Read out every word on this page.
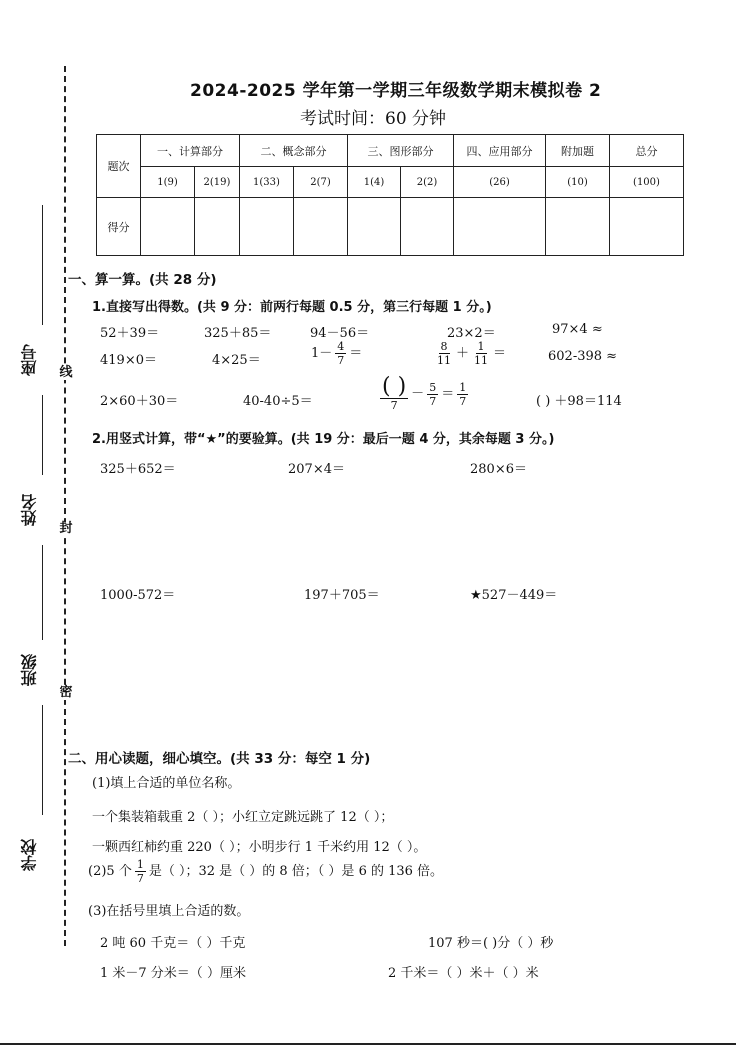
线
封
密
座号
姓名
班级
学校
2024-2025 学年第一学期三年级数学期末模拟卷 2
考试时间：60 分钟
题次	一、计算部分		二、概念部分		三、图形部分		四、应用部分	附加题	总分
	1(9)	2(19)	1(33)	2(7)	1(4)	2(2)	(26)	(10)	(100)
得分									
一、算一算。(共 28 分)
1.直接写出得数。(共 9 分：前两行每题 0.5 分，第三行每题 1 分。)
52＋39＝	325＋85＝	94－56＝	23×2＝	97×4 ≈
419×0＝	4×25＝	$1- \frac{4}{7}$ ＝	$\frac{8}{11} + \frac{1}{11}$ ＝	602-398 ≈
2×60＋30＝	40-40÷5＝	$\frac{( )}{7} - \frac{5}{7} = \frac{1}{7}$	( ) ＋98＝114
2.用竖式计算，带“★”的要验算。(共 19 分：最后一题 4 分，其余每题 3 分。)
325＋652＝	207×4＝	280×6＝
1000-572＝	197＋705＝	★527－449＝
二、用心读题，细心填空。(共 33 分：每空 1 分)
(1)填上合适的单位名称。
一个集装箱载重 2（ ）；小红立定跳远跳了 12（ ）；
一颗西红柿约重 220（ ）；小明步行 1 千米约用 12（ ）。
(2)5 个 $\frac{1}{7}$ 是（ ）；32 是（ ）的 8 倍；（ ）是 6 的 136 倍。
(3)在括号里填上合适的数。
2 吨 60 千克＝（ ）千克	107 秒＝( )分（ ）秒
1 米－7 分米＝（ ）厘米	2 千米＝（ ）米＋（ ）米
